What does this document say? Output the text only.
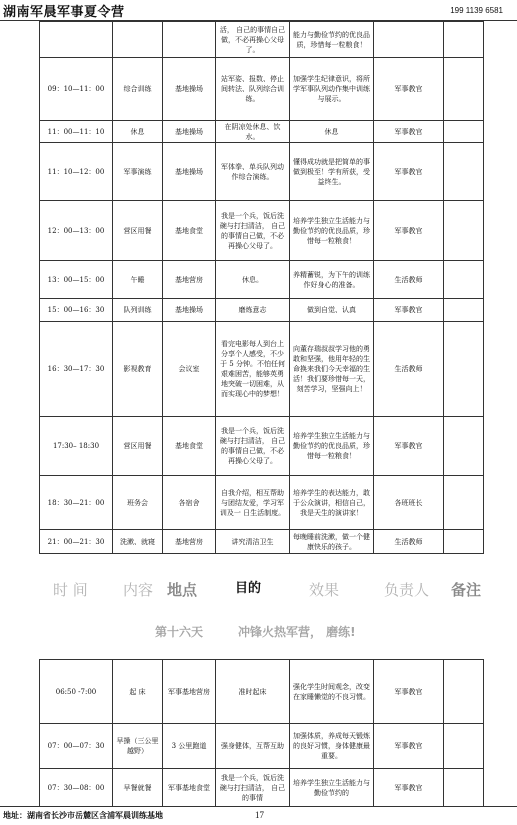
湖南军晨军事夏令营	199 1139 6581
			活， 自己的事情自己做，不必再操心父母了。	能力与勤俭节约的优良品质，珍惜每一粒粮食！		
09：10—11：00	综合训练	基地操场	站军姿、报数、停止间转法、队列综合训练。	加强学生纪律意识，将所学军事队列动作集中训练与展示。	军事教官	
11：00—11：10	休息	基地操场	在阴凉处休息、饮水。	休息	军事教官	
11：10—12：00	军事演练	基地操场	军体拳、单兵队列动作综合演练。	懂得成功就是把简单的事做到极至！学有所获，受益终生。	军事教官	
12：00—13：00	营区用餐	基地食堂	我是一个兵，饭后洗碗与打扫清洁， 自己的事情自己做，不必再操心父母了。	培养学生独立生活能力与勤俭节约的优良品质，珍惜每一粒粮食！	军事教官	
13：00—15：00	午睡	基地营房	休息。	养精蓄锐，为下午的训练作好身心的准备。	生活教师	
15：00—16：30	队列训练	基地操场	磨炼意志	做到自觉、认真	军事教官	
16：30—17：30	影视教育	会议室	看完电影每人到台上分享个人感受，不少于 5 分钟。不怕任何艰难困苦，能够英勇地突破一切困难，从而实现心中的梦想！	向董存瑞叔叔学习他的勇敢和坚强，他用年轻的生命换来我们今天幸福的生活！我们要珍惜每一天，刻苦学习，坚强向上！	生活教师	
17:30– 18:30	营区用餐	基地食堂	我是一个兵，饭后洗碗与打扫清洁， 自己的事情自己做，不必再操心父母了。	培养学生独立生活能力与勤俭节约的优良品质，珍惜每一粒粮食！	军事教官	
18：30—21：00	班务会	各宿舍	自我介绍，相互帮助与团结友爱，学习军训及一 日生活制度。	培养学生的表达能力，敢于公众演讲，相信自己，我是天生的演讲家！	各班班长	
21：00—21：30	洗漱、就寝	基地营房	讲究清洁卫生	每晚睡前洗漱，做一个健康快乐的孩子。	生活教师	
时 间 内容 地点	目的	效果	负责人 备注
第十六天	冲锋火热军营， 磨练!
06:50 -7:00	起 床	军事基地营房	准时起床	强化学生时间观念，改变在家睡懒觉的不良习惯。	军事教官	
07：00—07：30	早操（三公里越野）	3 公里跑道	强身健体，互帮互助	加强体质，养成每天锻炼的良好习惯，身体健康最重要。	军事教官	
07：30—08：00	早餐就餐	军事基地食堂	我是一个兵，饭后洗碗与打扫清洁， 自己的事情	培养学生独立生活能力与勤俭节约的	军事教官	
地址：湖南省长沙市岳麓区含浦军晨训练基地	17
